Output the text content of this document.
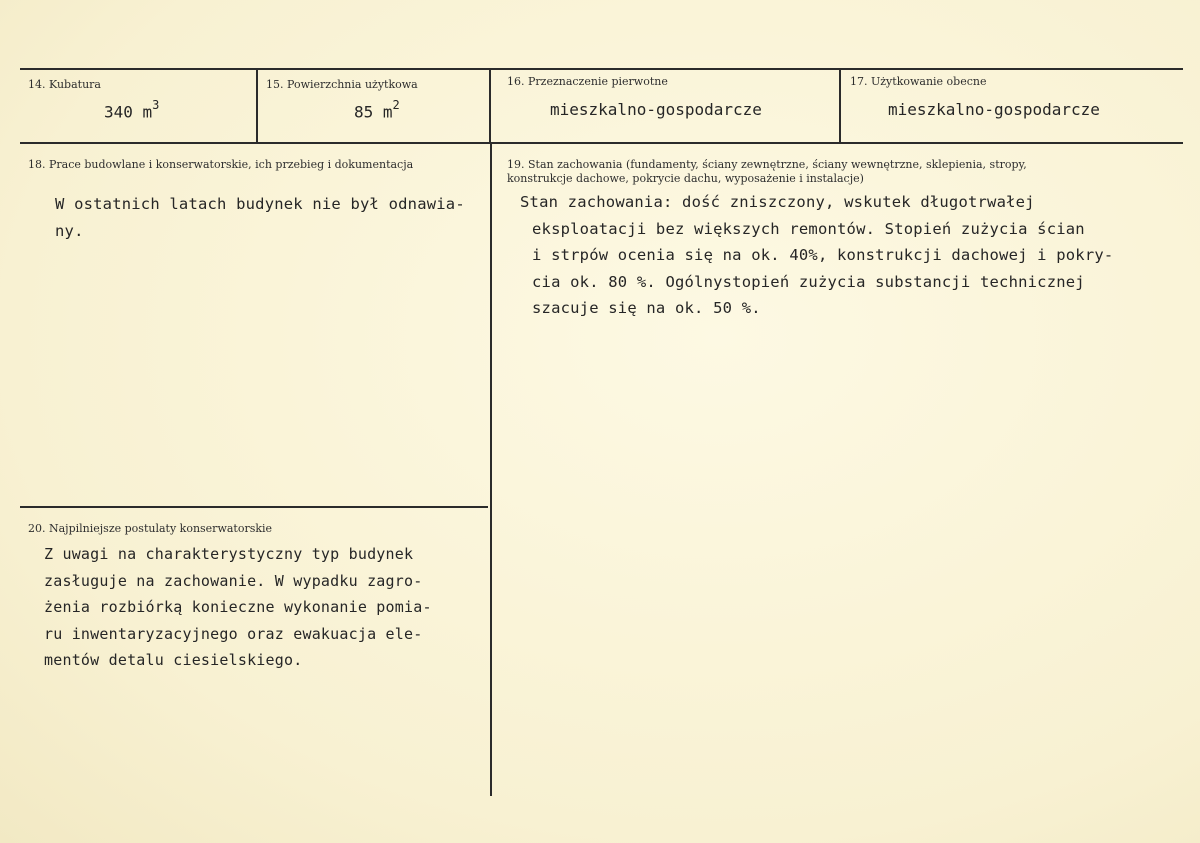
14. Kubatura
340 $m^3$
15. Powierzchnia użytkowa
85 $m^2$
16. Przeznaczenie pierwotne
mieszkalno-gospodarcze
17. Użytkowanie obecne
mieszkalno-gospodarcze
18. Prace budowlane i konserwatorskie, ich przebieg i dokumentacja
W ostatnich latach budynek nie był odnawia-
ny.
19. Stan zachowania (fundamenty, ściany zewnętrzne, ściany wewnętrzne, sklepienia, stropy,
konstrukcje dachowe, pokrycie dachu, wyposażenie i instalacje)
Stan zachowania: dość zniszczony, wskutek długotrwałej
eksploatacji bez większych remontów. Stopień zużycia ścian
i strpów ocenia się na ok. 40%, konstrukcji dachowej i pokry-
cia ok. 80 %. Ogólnystopień zużycia substancji technicznej
szacuje się na ok. 50 %.
20. Najpilniejsze postulaty konserwatorskie
Z uwagi na charakterystyczny typ budynek
zasługuje na zachowanie. W wypadku zagro-
żenia rozbiórką konieczne wykonanie pomia-
ru inwentaryzacyjnego oraz ewakuacja ele-
mentów detalu ciesielskiego.
